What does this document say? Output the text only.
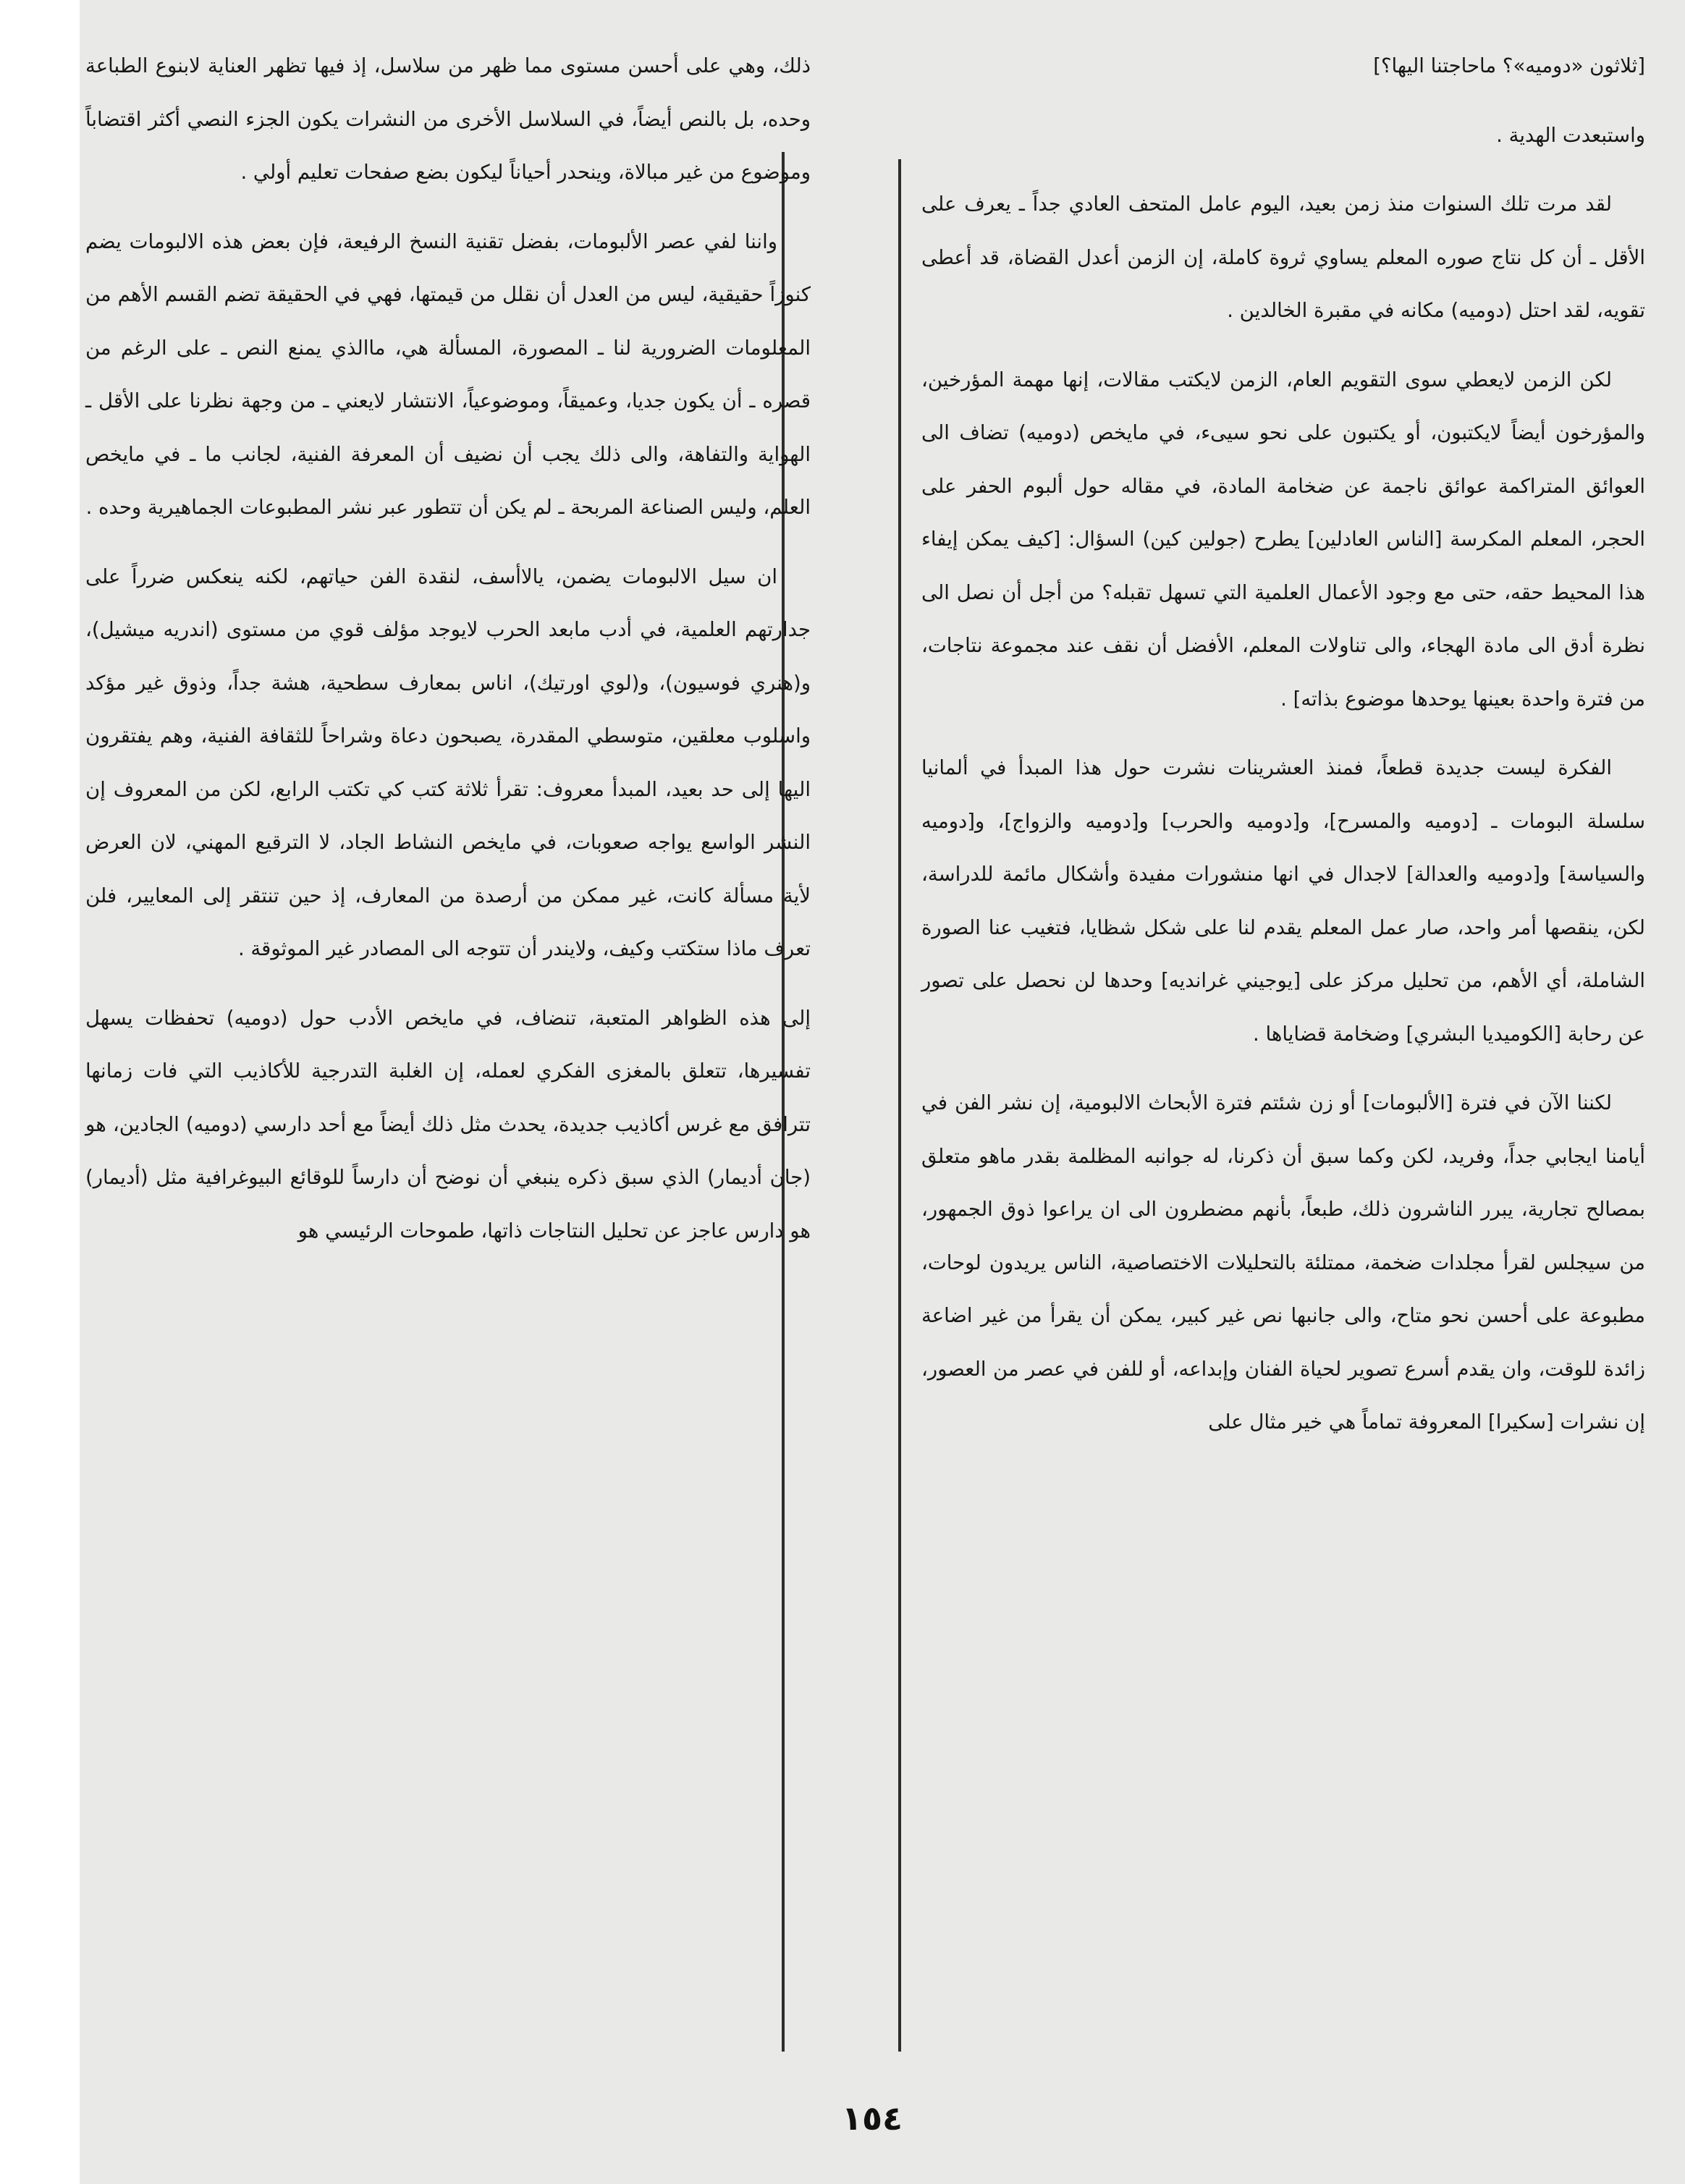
[ثلاثون «دوميه»؟ ماحاجتنا اليها؟]

واستبعدت الهدية .

لقد مرت تلك السنوات منذ زمن بعيد، اليوم عامل المتحف العادي جداً ـ يعرف على الأقل ـ أن كل نتاج صوره المعلم يساوي ثروة كاملة، إن الزمن أعدل القضاة، قد أعطى تقويه، لقد احتل (دوميه) مكانه في مقبرة الخالدين .

لكن الزمن لايعطي سوى التقويم العام، الزمن لايكتب مقالات، إنها مهمة المؤرخين، والمؤرخون أيضاً لايكتبون، أو يكتبون على نحو سيىء، في مايخص (دوميه) تضاف الى العوائق المتراكمة عوائق ناجمة عن ضخامة المادة، في مقاله حول ألبوم الحفر على الحجر، المعلم المكرسة [الناس العادلين] يطرح (جولين كين) السؤال: [كيف يمكن إيفاء هذا المحيط حقه، حتى مع وجود الأعمال العلمية التي تسهل تقبله؟ من أجل أن نصل الى نظرة أدق الى مادة الهجاء، والى تناولات المعلم، الأفضل أن نقف عند مجموعة نتاجات، من فترة واحدة بعينها يوحدها موضوع بذاته] .

الفكرة ليست جديدة قطعاً، فمنذ العشرينات نشرت حول هذا المبدأ في ألمانيا سلسلة البومات ـ [دوميه والمسرح]، و[دوميه والحرب] و[دوميه والزواج]، و[دوميه والسياسة] و[دوميه والعدالة] لاجدال في انها منشورات مفيدة وأشكال مائمة للدراسة، لكن، ينقصها أمر واحد، صار عمل المعلم يقدم لنا على شكل شظايا، فتغيب عنا الصورة الشاملة، أي الأهم، من تحليل مركز على [يوجيني غرانديه] وحدها لن نحصل على تصور عن رحابة [الكوميديا البشري] وضخامة قضاياها .

لكننا الآن في فترة [الألبومات] أو زن شئتم فترة الأبحاث الالبومية، إن نشر الفن في أيامنا ايجابي جداً، وفريد، لكن وكما سبق أن ذكرنا، له جوانبه المظلمة بقدر ماهو متعلق بمصالح تجارية، يبرر الناشرون ذلك، طبعاً، بأنهم مضطرون الى ان يراعوا ذوق الجمهور، من سيجلس لقرأ مجلدات ضخمة، ممتلئة بالتحليلات الاختصاصية، الناس يريدون لوحات، مطبوعة على أحسن نحو متاح، والى جانبها نص غير كبير، يمكن أن يقرأ من غير اضاعة زائدة للوقت، وان يقدم أسرع تصوير لحياة الفنان وإبداعه، أو للفن في عصر من العصور، إن نشرات [سكيرا] المعروفة تماماً هي خير مثال على

ذلك، وهي على أحسن مستوى مما ظهر من سلاسل، إذ فيها تظهر العناية لابنوع الطباعة وحده، بل بالنص أيضاً، في السلاسل الأخرى من النشرات يكون الجزء النصي أكثر اقتضاباً وموضوع من غير مبالاة، وينحدر أحياناً ليكون بضع صفحات تعليم أولي .

واننا لفي عصر الألبومات، بفضل تقنية النسخ الرفيعة، فإن بعض هذه الالبومات يضم كنوزاً حقيقية، ليس من العدل أن نقلل من قيمتها، فهي في الحقيقة تضم القسم الأهم من المعلومات الضرورية لنا ـ المصورة، المسألة هي، ماالذي يمنع النص ـ على الرغم من قصره ـ أن يكون جديا، وعميقاً، وموضوعياً، الانتشار لايعني ـ من وجهة نظرنا على الأقل ـ الهواية والتفاهة، والى ذلك يجب أن نضيف أن المعرفة الفنية، لجانب ما ـ في مايخص العلم، وليس الصناعة المربحة ـ لم يكن أن تتطور عبر نشر المطبوعات الجماهيرية وحده .

ان سيل الالبومات يضمن، يالاأسف، لنقدة الفن حياتهم، لكنه ينعكس ضرراً على جدارتهم العلمية، في أدب مابعد الحرب لايوجد مؤلف قوي من مستوى (اندريه ميشيل)، و(هنري فوسيون)، و(لوي اورتيك)، اناس بمعارف سطحية، هشة جداً، وذوق غير مؤكد واسلوب معلقين، متوسطي المقدرة، يصبحون دعاة وشراحاً للثقافة الفنية، وهم يفتقرون اليها إلى حد بعيد، المبدأ معروف: تقرأ ثلاثة كتب كي تكتب الرابع، لكن من المعروف إن النشر الواسع يواجه صعوبات، في مايخص النشاط الجاد، لا الترقيع المهني، لان العرض لأية مسألة كانت، غير ممكن من أرصدة من المعارف، إذ حين تنتقر إلى المعايير، فلن تعرف ماذا ستكتب وكيف، ولايندر أن تتوجه الى المصادر غير الموثوقة .

إلى هذه الظواهر المتعبة، تنضاف، في مايخص الأدب حول (دوميه) تحفظات يسهل تفسيرها، تتعلق بالمغزى الفكري لعمله، إن الغلبة التدرجية للأكاذيب التي فات زمانها تترافق مع غرس أكاذيب جديدة، يحدث مثل ذلك أيضاً مع أحد دارسي (دوميه) الجادين، هو (جان أديمار) الذي سبق ذكره ينبغي أن نوضح أن دارساً للوقائع البيوغرافية مثل (أديمار) هو دارس عاجز عن تحليل النتاجات ذاتها، طموحات الرئيسي هو

١٥٤
